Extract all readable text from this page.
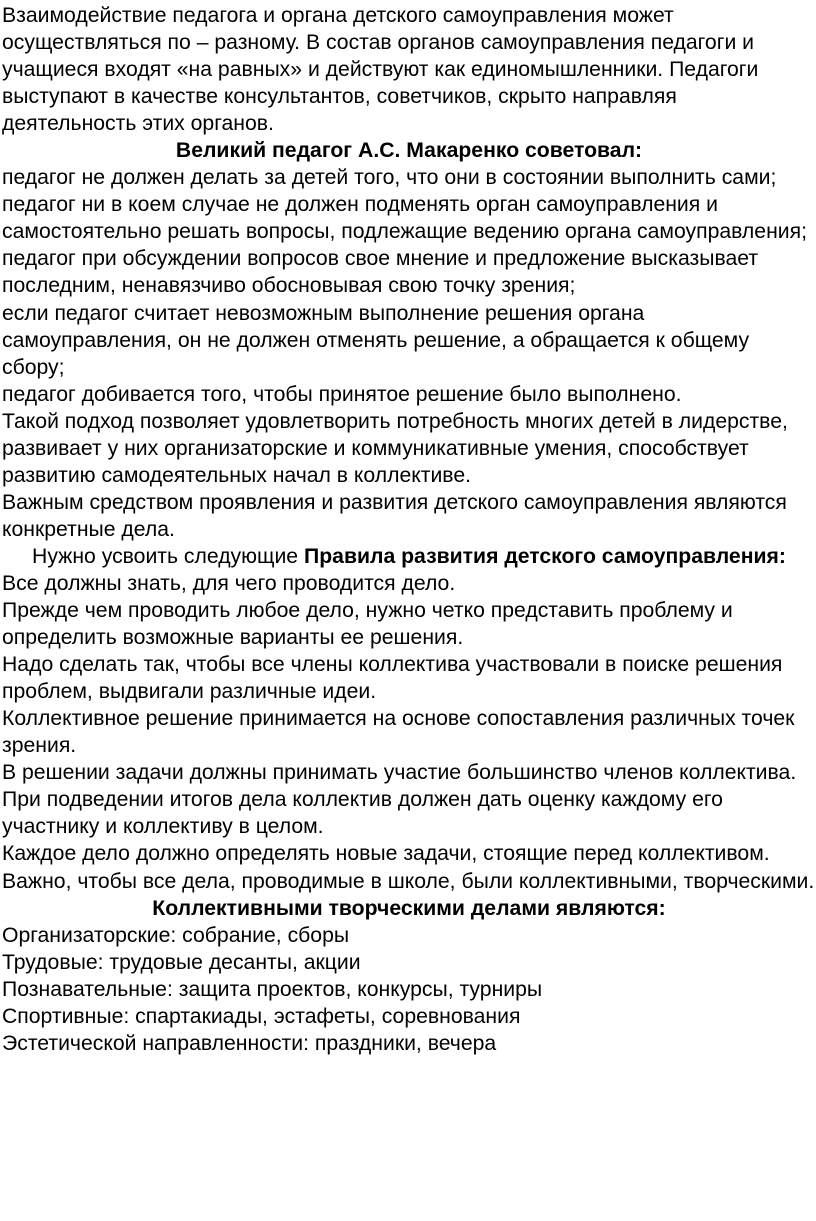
Взаимодействие педагога и органа детского самоуправления может осуществляться по – разному. В состав органов самоуправления педагоги и учащиеся входят «на равных» и действуют как единомышленники. Педагоги выступают в качестве консультантов, советчиков, скрыто направляя деятельность этих органов.

Великий педагог А.С. Макаренко советовал:

педагог не должен делать за детей того, что они в состоянии выполнить сами;

педагог ни в коем случае не должен подменять орган самоуправления и самостоятельно решать вопросы, подлежащие ведению органа самоуправления;

педагог при обсуждении вопросов свое мнение и предложение высказывает последним, ненавязчиво обосновывая свою точку зрения;

если педагог считает невозможным выполнение решения органа самоуправления, он не должен отменять решение, а обращается к общему сбору;

педагог добивается того, чтобы принятое решение было выполнено.

Такой подход позволяет удовлетворить потребность многих детей в лидерстве, развивает у них организаторские и коммуникативные умения, способствует развитию самодеятельных начал в коллективе.

Важным средством проявления и развития детского самоуправления являются конкретные дела.

Нужно усвоить следующие Правила развития детского самоуправления:

Все должны знать, для чего проводится дело.

Прежде чем проводить любое дело, нужно четко представить проблему и определить возможные варианты ее решения.

Надо сделать так, чтобы все члены коллектива участвовали в поиске решения проблем, выдвигали различные идеи.

Коллективное решение принимается на основе сопоставления различных точек зрения.

В решении задачи должны принимать участие большинство членов коллектива.

При подведении итогов дела коллектив должен дать оценку каждому его участнику и коллективу в целом.

Каждое дело должно определять новые задачи, стоящие перед коллективом.

Важно, чтобы все дела, проводимые в школе, были коллективными, творческими.

Коллективными творческими делами являются:

Организаторские: собрание, сборы

Трудовые: трудовые десанты, акции

Познавательные: защита проектов, конкурсы, турниры

Спортивные: спартакиады, эстафеты, соревнования

Эстетической направленности: праздники, вечера
